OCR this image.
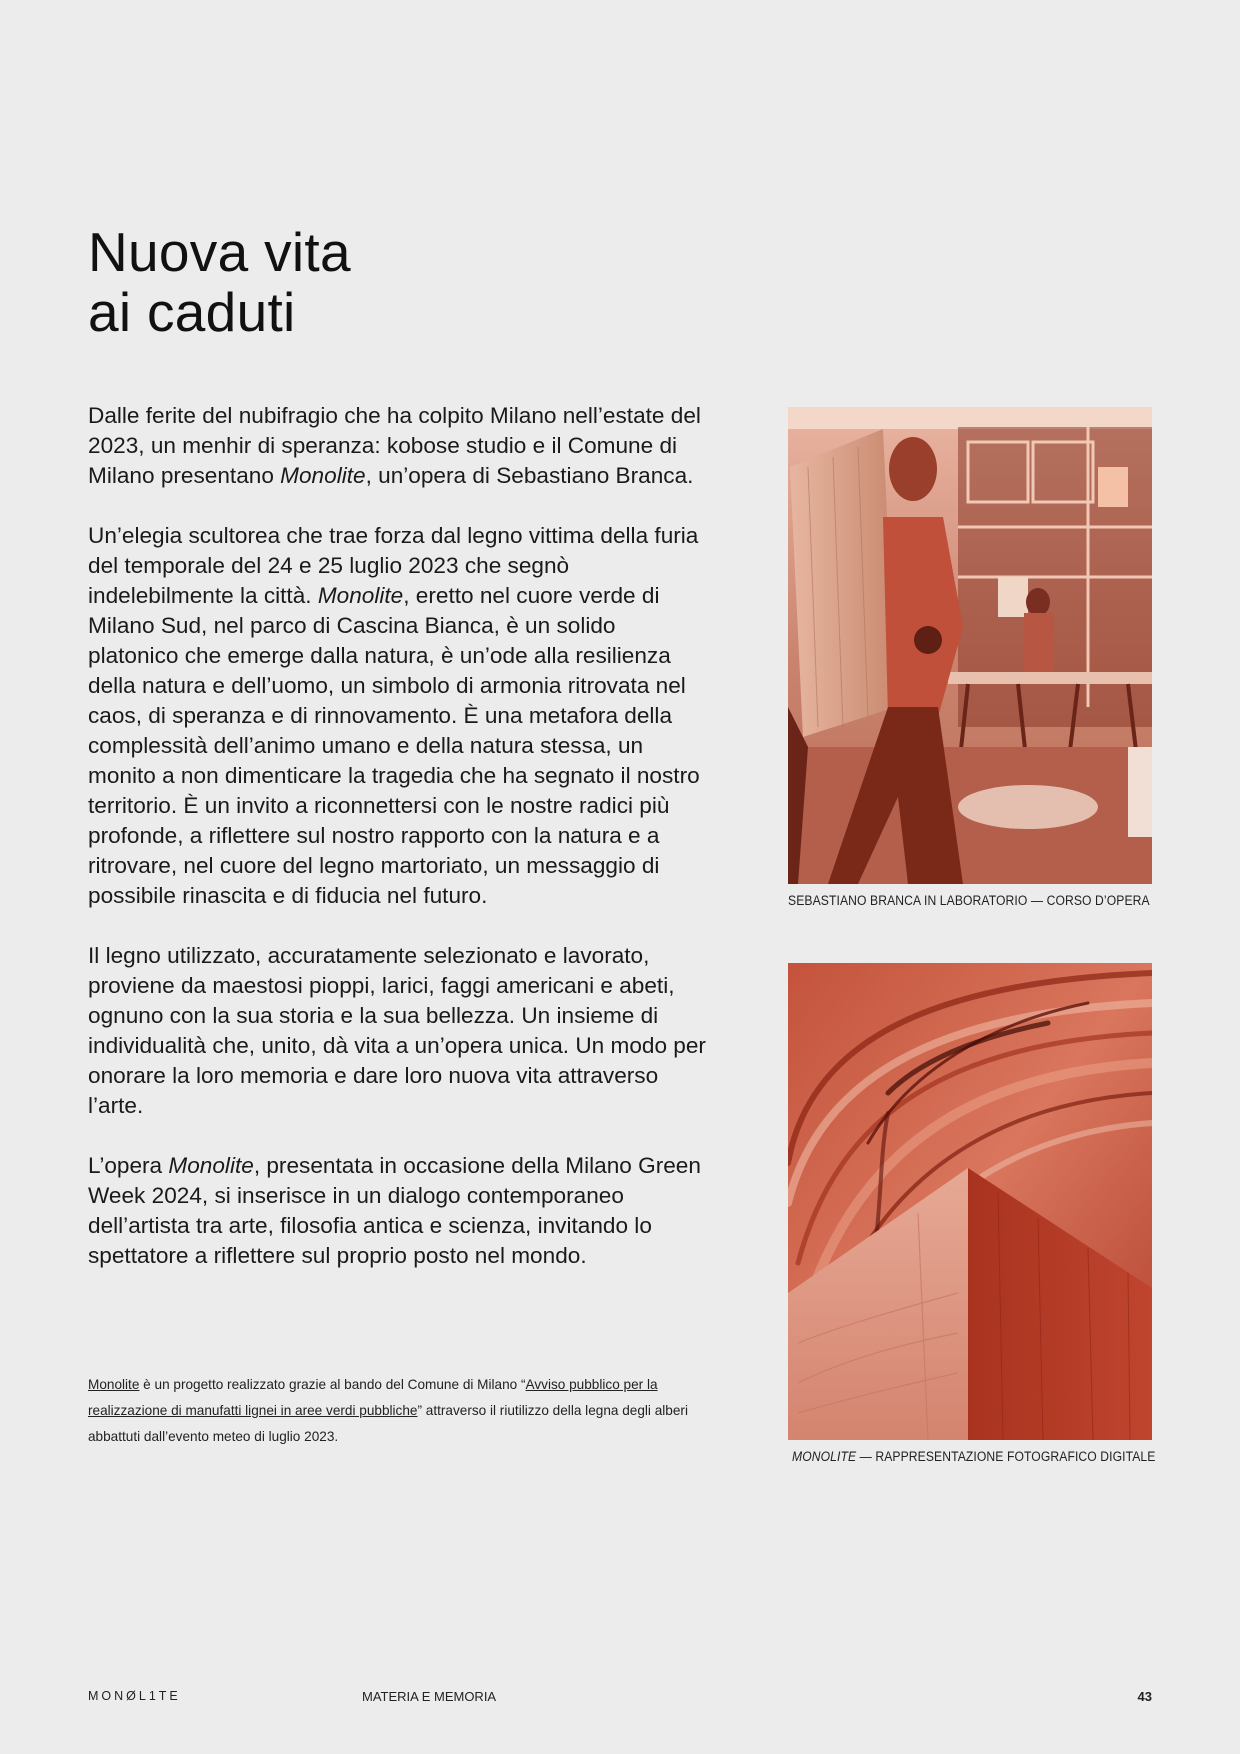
Nuova vita
ai caduti

Dalle ferite del nubifragio che ha colpito Milano nell’estate del 2023, un menhir di speranza: kobose studio e il Comune di Milano presentano Monolite, un’opera di Sebastiano Branca.

Un’elegia scultorea che trae forza dal legno vittima della furia del temporale del 24 e 25 luglio 2023 che segnò indelebilmente la città. Monolite, eretto nel cuore verde di Milano Sud, nel parco di Cascina Bianca, è un solido platonico che emerge dalla natura, è un’ode alla resilienza della natura e dell’uomo, un simbolo di armonia ritrovata nel caos, di speranza e di rinnovamento. È una metafora della complessità dell’animo umano e della natura stessa, un monito a non dimenticare la tragedia che ha segnato il nostro territorio. È un invito a riconnettersi con le nostre radici più profonde, a riflettere sul nostro rapporto con la natura e a ritrovare, nel cuore del legno martoriato, un messaggio di possibile rinascita e di fiducia nel futuro.

Il legno utilizzato, accuratamente selezionato e lavorato, proviene da maestosi pioppi, larici, faggi americani e abeti, ognuno con la sua storia e la sua bellezza. Un insieme di individualità che, unito, dà vita a un’opera unica. Un modo per onorare la loro memoria e dare loro nuova vita attraverso l’arte.

L’opera Monolite, presentata in occasione della Milano Green Week 2024, si inserisce in un dialogo contemporaneo dell’artista tra arte, filosofia antica e scienza, invitando lo spettatore a riflettere sul proprio posto nel mondo.

Monolite è un progetto realizzato grazie al bando del Comune di Milano “Avviso pubblico per la realizzazione di manufatti lignei in aree verdi pubbliche” attraverso il riutilizzo della legna degli alberi abbattuti dall’evento meteo di luglio 2023.
SEBASTIANO BRANCA IN LABORATORIO — CORSO D’OPERA
MONOLITE — RAPPRESENTAZIONE FOTOGRAFICO DIGITALE
MONØL1TE	MATERIA E MEMORIA	43
